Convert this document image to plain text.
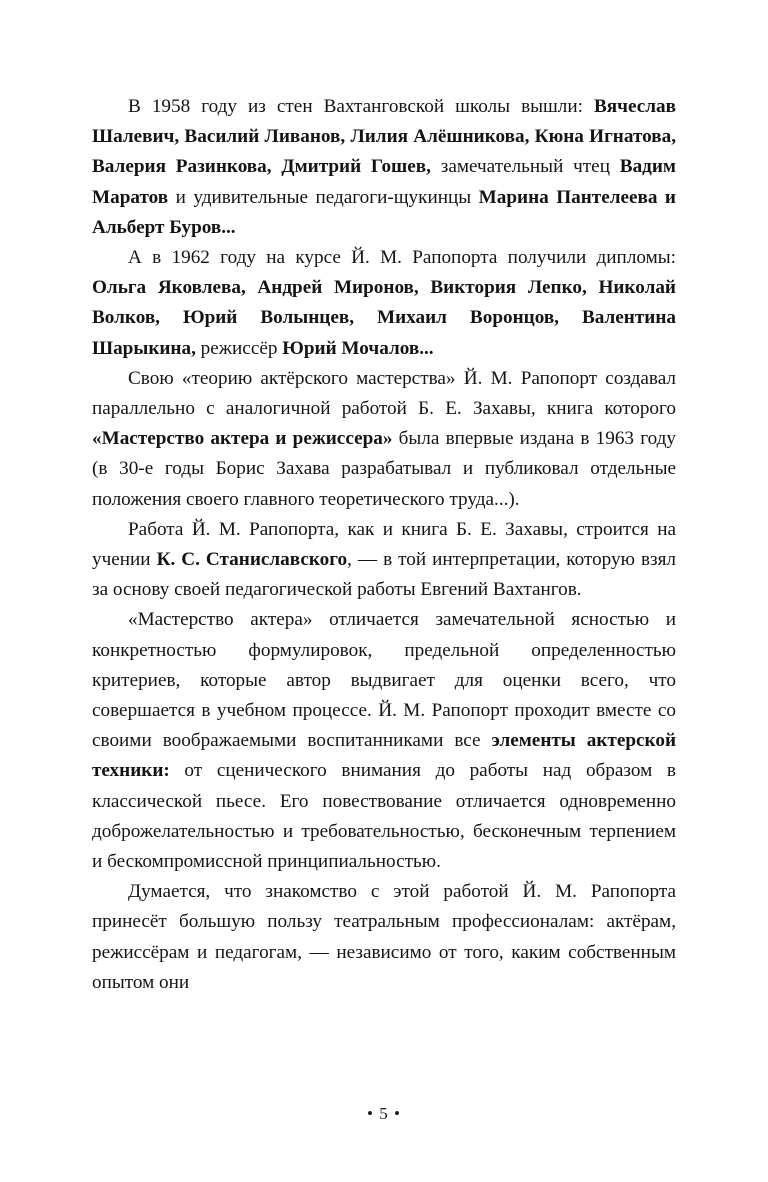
В 1958 году из стен Вахтанговской школы вышли: Вячеслав Шалевич, Василий Ливанов, Лилия Алёшникова, Кюна Игнатова, Валерия Разинкова, Дмитрий Гошев, замечательный чтец Вадим Маратов и удивительные педагоги-щукинцы Марина Пантелеева и Альберт Буров...

А в 1962 году на курсе Й. М. Рапопорта получили дипломы: Ольга Яковлева, Андрей Миронов, Виктория Лепко, Николай Волков, Юрий Волынцев, Михаил Воронцов, Валентина Шарыкина, режиссёр Юрий Мочалов...

Свою «теорию актёрского мастерства» Й. М. Рапопорт создавал параллельно с аналогичной работой Б. Е. Захавы, книга которого «Мастерство актера и режиссера» была впервые издана в 1963 году (в 30-е годы Борис Захава разрабатывал и публиковал отдельные положения своего главного теоретического труда...).

Работа Й. М. Рапопорта, как и книга Б. Е. Захавы, строится на учении К. С. Станиславского, — в той интерпретации, которую взял за основу своей педагогической работы Евгений Вахтангов.

«Мастерство актера» отличается замечательной ясностью и конкретностью формулировок, предельной определенностью критериев, которые автор выдвигает для оценки всего, что совершается в учебном процессе. Й. М. Рапопорт проходит вместе со своими воображаемыми воспитанниками все элементы актерской техники: от сценического внимания до работы над образом в классической пьесе. Его повествование отличается одновременно доброжелательностью и требовательностью, бесконечным терпением и бескомпромиссной принципиальностью.

Думается, что знакомство с этой работой Й. М. Рапопорта принесёт большую пользу театральным профессионалам: актёрам, режиссёрам и педагогам, — независимо от того, каким собственным опытом они

• 5 •
